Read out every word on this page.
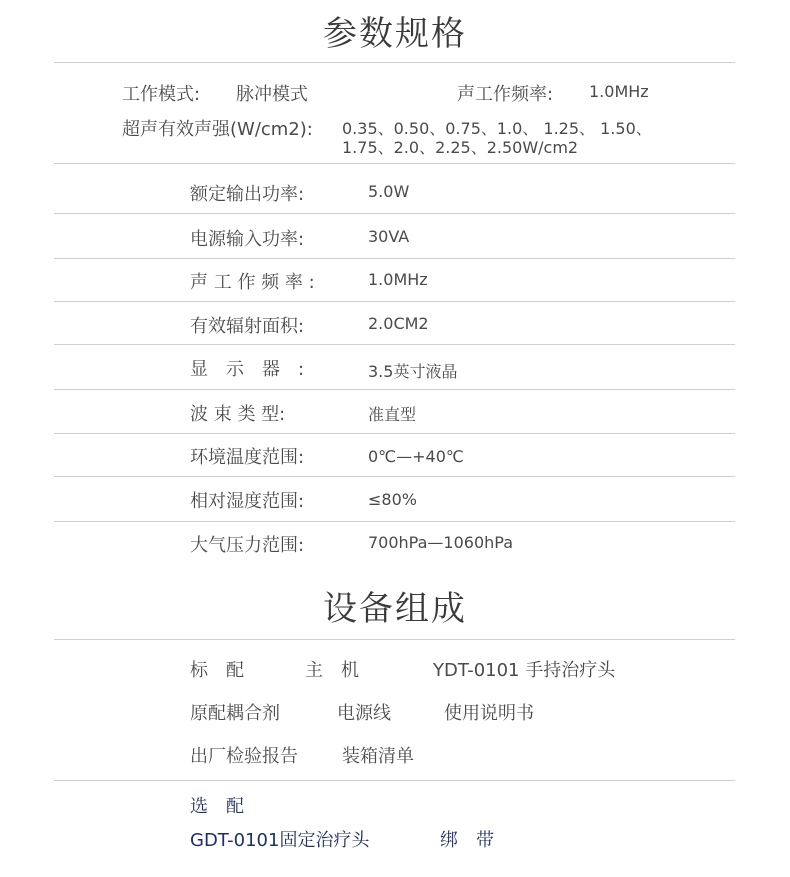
参数规格
工作模式: 脉冲模式	声工作频率: 1.0MHz
超声有效声强(W/cm2): 0.35、0.50、0.75、1.0、 1.25、 1.50、
1.75、2.0、2.25、2.50W/cm2
额定输出功率:	5.0W
电源输入功率:	30VA
声 工 作 频 率 :	1.0MHz
有效辐射面积:	2.0CM2
显　示　器　:	3.5英寸液晶
波 束 类 型:	准直型
环境温度范围:	0℃—+40℃
相对湿度范围:	≤80%
大气压力范围:	700hPa—1060hPa
设备组成
标　配	主　机	YDT-0101 手持治疗头
原配耦合剂	电源线	使用说明书
出厂检验报告 装箱清单
选　配
GDT-0101固定治疗头	绑　带
